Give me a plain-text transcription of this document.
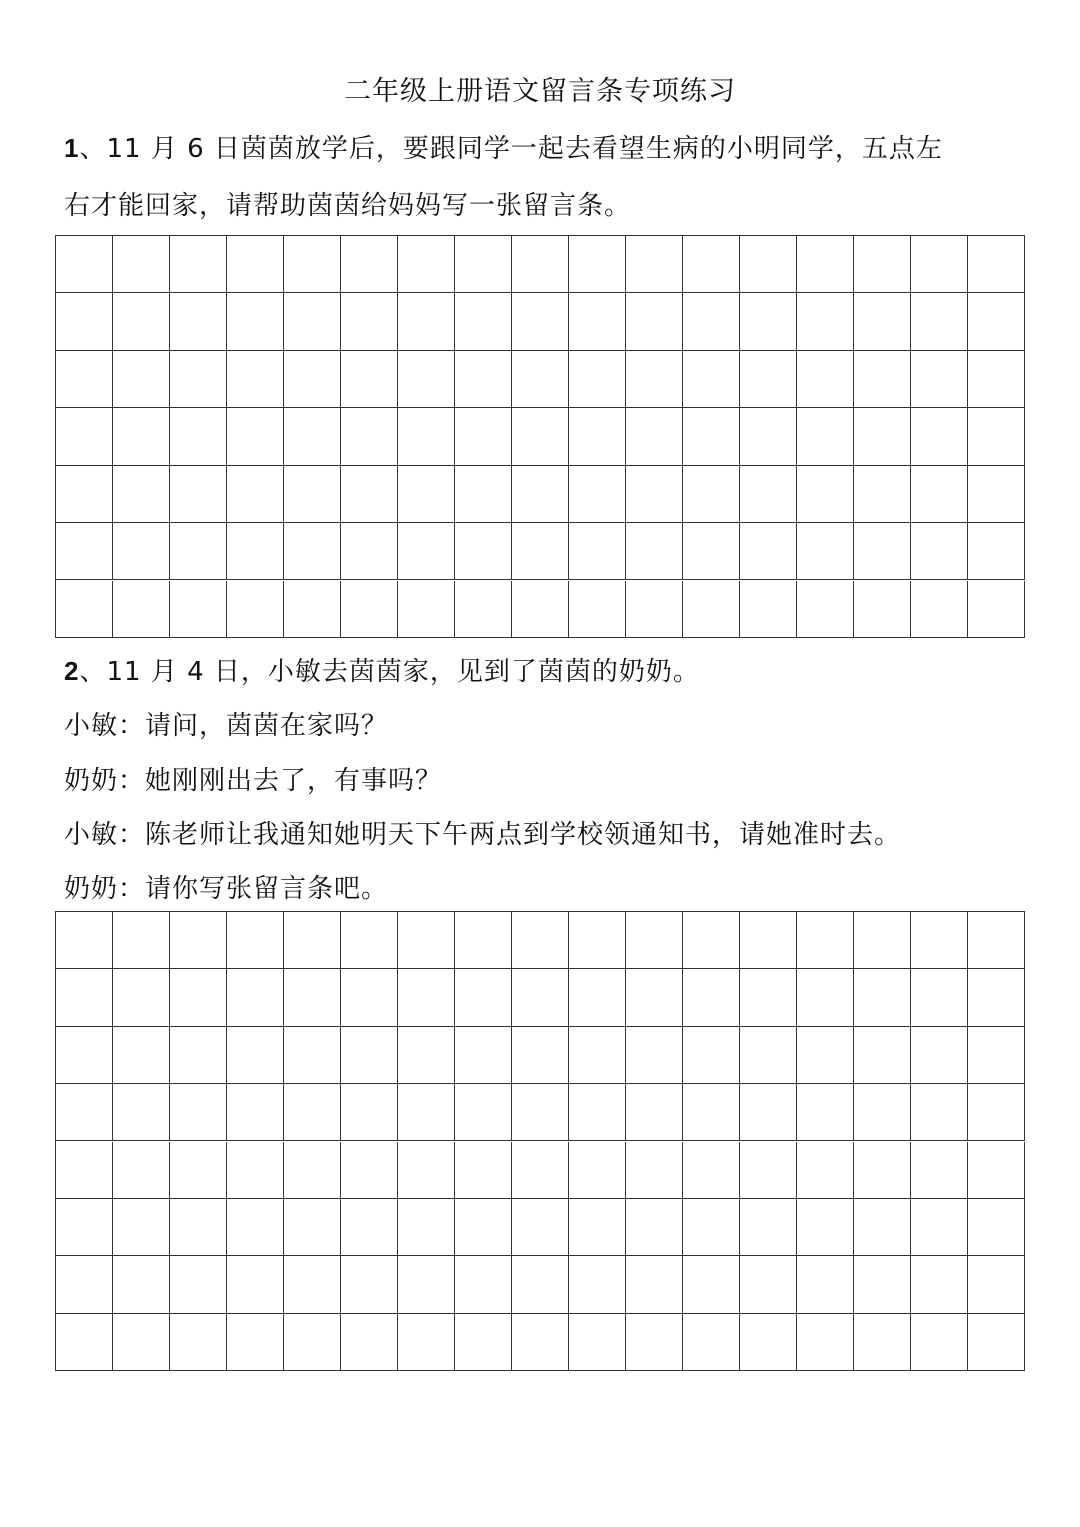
二年级上册语文留言条专项练习
1、11 月 6 日茵茵放学后，要跟同学一起去看望生病的小明同学，五点左
右才能回家，请帮助茵茵给妈妈写一张留言条。
2、11 月 4 日，小敏去茵茵家，见到了茵茵的奶奶。
小敏：请问，茵茵在家吗？
奶奶：她刚刚出去了，有事吗？
小敏：陈老师让我通知她明天下午两点到学校领通知书，请她准时去。
奶奶：请你写张留言条吧。
